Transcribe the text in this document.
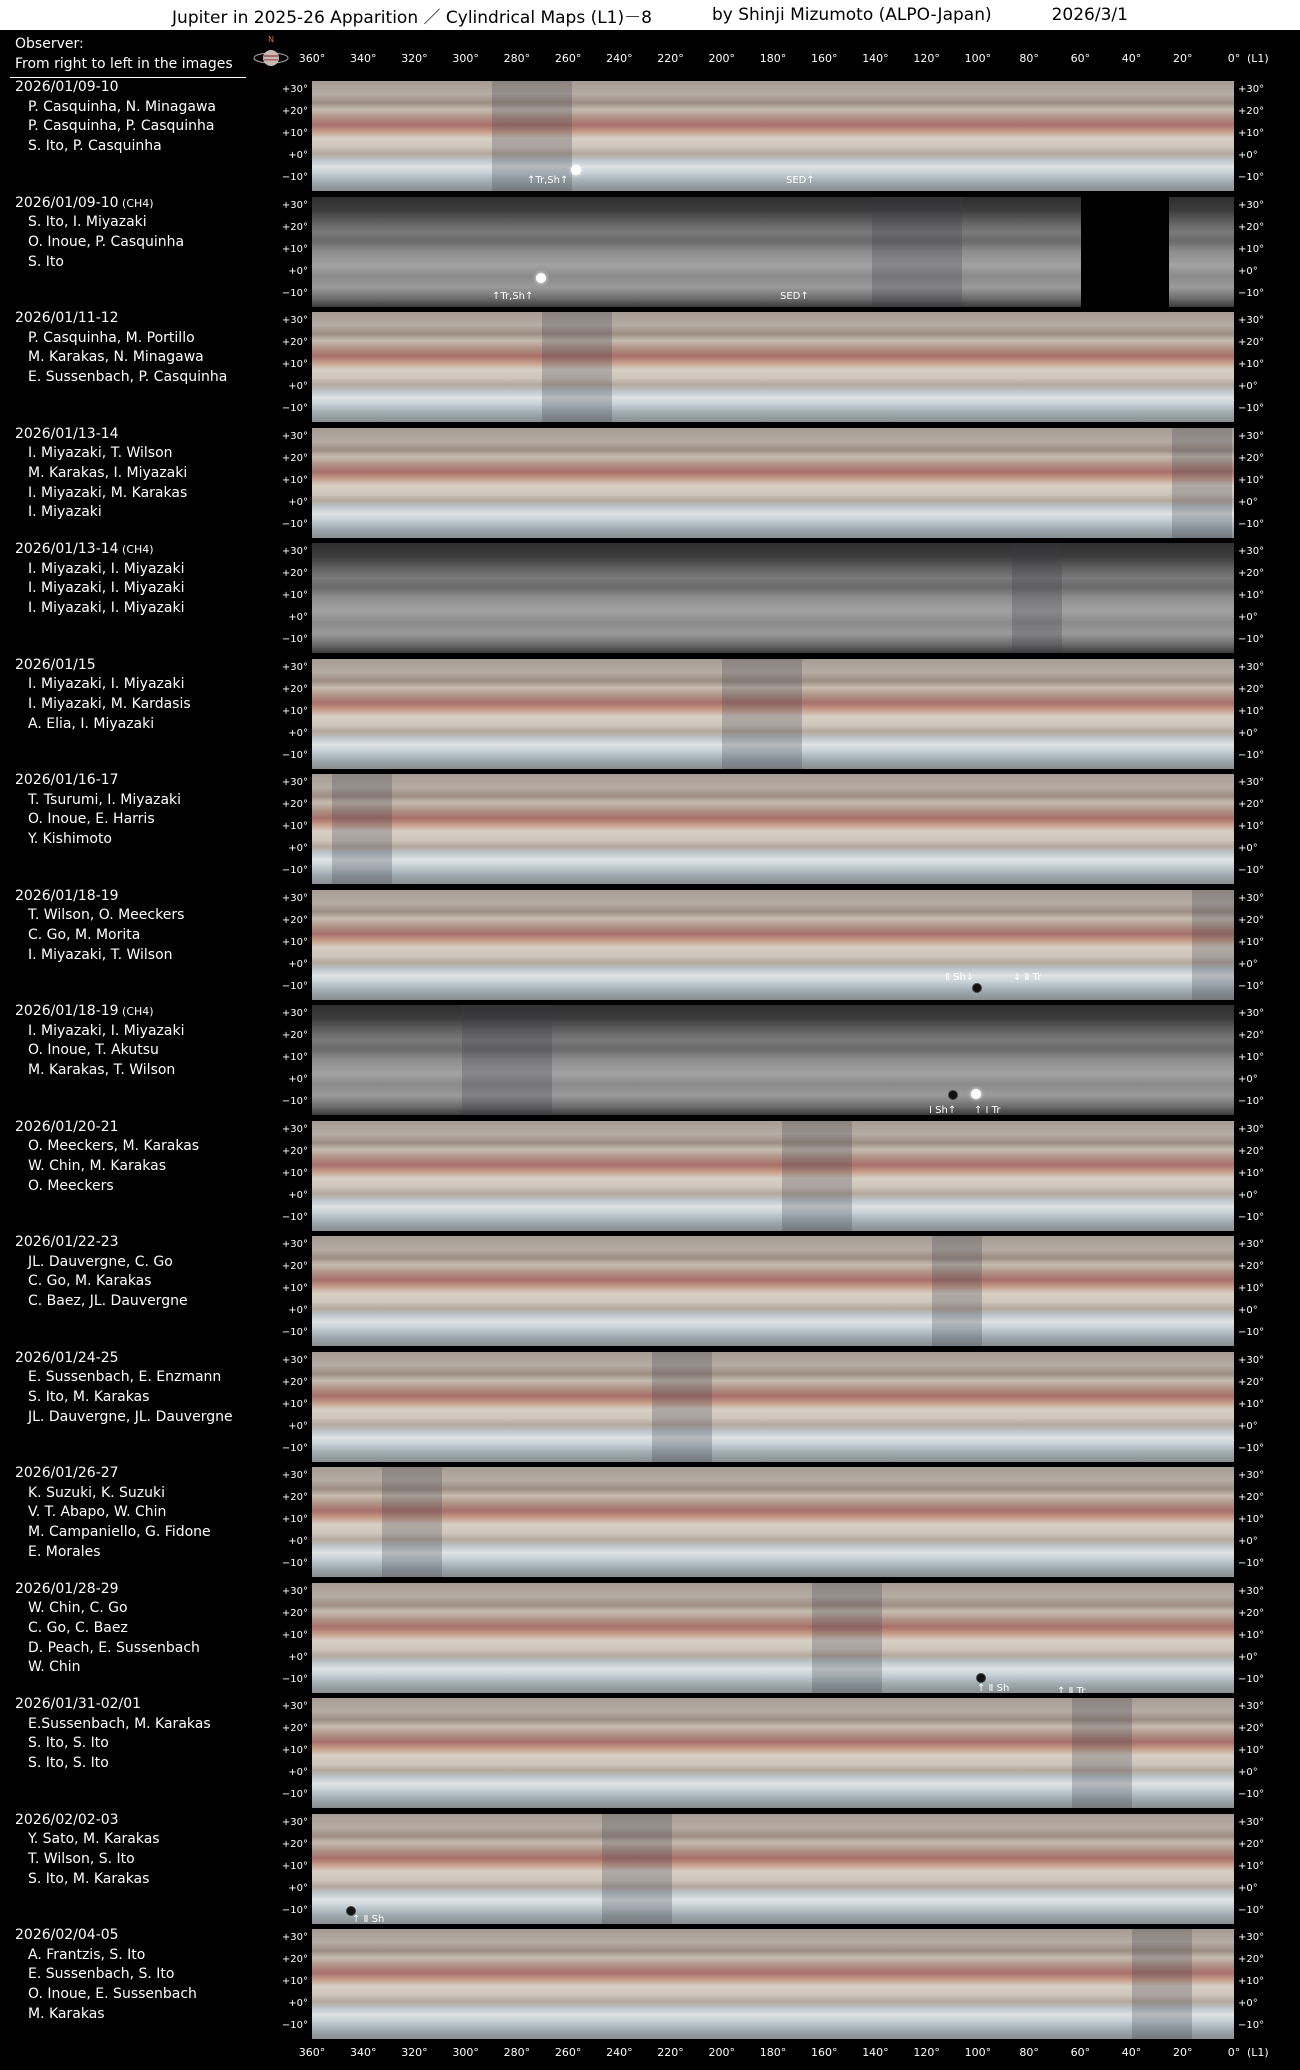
Jupiter in 2025-26 Apparition ／ Cylindrical Maps (L1)－8	by Shinji Mizumoto (ALPO-Japan)	2026/3/1
Observer:
From right to left in the images
N
360° 340° 320° 300° 280° 260° 240° 220° 200° 180° 160° 140° 120° 100°	80°	60°	40°	20°	0° (L1)
360° 340° 320° 300° 280° 260° 240° 220° 200° 180° 160° 140° 120° 100°	80°	60°	40°	20°	0° (L1)
2026/01/09-10
P. Casquinha, N. Minagawa
P. Casquinha, P. Casquinha
S. Ito, P. Casquinha
+30°
+20°
+10°
+0°
−10°
+30°
+20°
+10°
+0°
−10°
↑Tr,Sh↑	SED↑
2026/01/09-10 (CH4)
S. Ito, I. Miyazaki
O. Inoue, P. Casquinha
S. Ito
+30°
+20°
+10°
+0°
−10°
+30°
+20°
+10°
+0°
−10°
↑Tr,Sh↑	SED↑
2026/01/11-12
P. Casquinha, M. Portillo
M. Karakas, N. Minagawa
E. Sussenbach, P. Casquinha
+30°
+20°
+10°
+0°
−10°
+30°
+20°
+10°
+0°
−10°
2026/01/13-14
I. Miyazaki, T. Wilson
M. Karakas, I. Miyazaki
I. Miyazaki, M. Karakas
I. Miyazaki
+30°
+20°
+10°
+0°
−10°
+30°
+20°
+10°
+0°
−10°
2026/01/13-14 (CH4)
I. Miyazaki, I. Miyazaki
I. Miyazaki, I. Miyazaki
I. Miyazaki, I. Miyazaki
+30°
+20°
+10°
+0°
−10°
+30°
+20°
+10°
+0°
−10°
2026/01/15
I. Miyazaki, I. Miyazaki
I. Miyazaki, M. Kardasis
A. Elia, I. Miyazaki
+30°
+20°
+10°
+0°
−10°
+30°
+20°
+10°
+0°
−10°
2026/01/16-17
T. Tsurumi, I. Miyazaki
O. Inoue, E. Harris
Y. Kishimoto
+30°
+20°
+10°
+0°
−10°
+30°
+20°
+10°
+0°
−10°
2026/01/18-19
T. Wilson, O. Meeckers
C. Go, M. Morita
I. Miyazaki, T. Wilson
+30°
+20°
+10°
+0°
−10°
+30°
+20°
+10°
+0°
−10°
Ⅱ Sh↓	↓ Ⅱ Tr
2026/01/18-19 (CH4)
I. Miyazaki, I. Miyazaki
O. Inoue, T. Akutsu
M. Karakas, T. Wilson
+30°
+20°
+10°
+0°
−10°
+30°
+20°
+10°
+0°
−10°
Ⅰ Sh↑ ↑ Ⅰ Tr
2026/01/20-21
O. Meeckers, M. Karakas
W. Chin, M. Karakas
O. Meeckers
+30°
+20°
+10°
+0°
−10°
+30°
+20°
+10°
+0°
−10°
2026/01/22-23
JL. Dauvergne, C. Go
C. Go, M. Karakas
C. Baez, JL. Dauvergne
+30°
+20°
+10°
+0°
−10°
+30°
+20°
+10°
+0°
−10°
2026/01/24-25
E. Sussenbach, E. Enzmann
S. Ito, M. Karakas
JL. Dauvergne, JL. Dauvergne
+30°
+20°
+10°
+0°
−10°
+30°
+20°
+10°
+0°
−10°
2026/01/26-27
K. Suzuki, K. Suzuki
V. T. Abapo, W. Chin
M. Campaniello, G. Fidone
E. Morales
+30°
+20°
+10°
+0°
−10°
+30°
+20°
+10°
+0°
−10°
2026/01/28-29
W. Chin, C. Go
C. Go, C. Baez
D. Peach, E. Sussenbach
W. Chin
+30°
+20°
+10°
+0°
−10°
+30°
+20°
+10°
+0°
−10°
↑ Ⅱ Sh	↑ Ⅱ Tr
2026/01/31-02/01
E.Sussenbach, M. Karakas
S. Ito, S. Ito
S. Ito, S. Ito
+30°
+20°
+10°
+0°
−10°
+30°
+20°
+10°
+0°
−10°
2026/02/02-03
Y. Sato, M. Karakas
T. Wilson, S. Ito
S. Ito, M. Karakas
+30°
+20°
+10°
+0°
−10°
+30°
+20°
+10°
+0°
−10°
↑ Ⅱ Sh
2026/02/04-05
A. Frantzis, S. Ito
E. Sussenbach, S. Ito
O. Inoue, E. Sussenbach
M. Karakas
+30°
+20°
+10°
+0°
−10°
+30°
+20°
+10°
+0°
−10°
